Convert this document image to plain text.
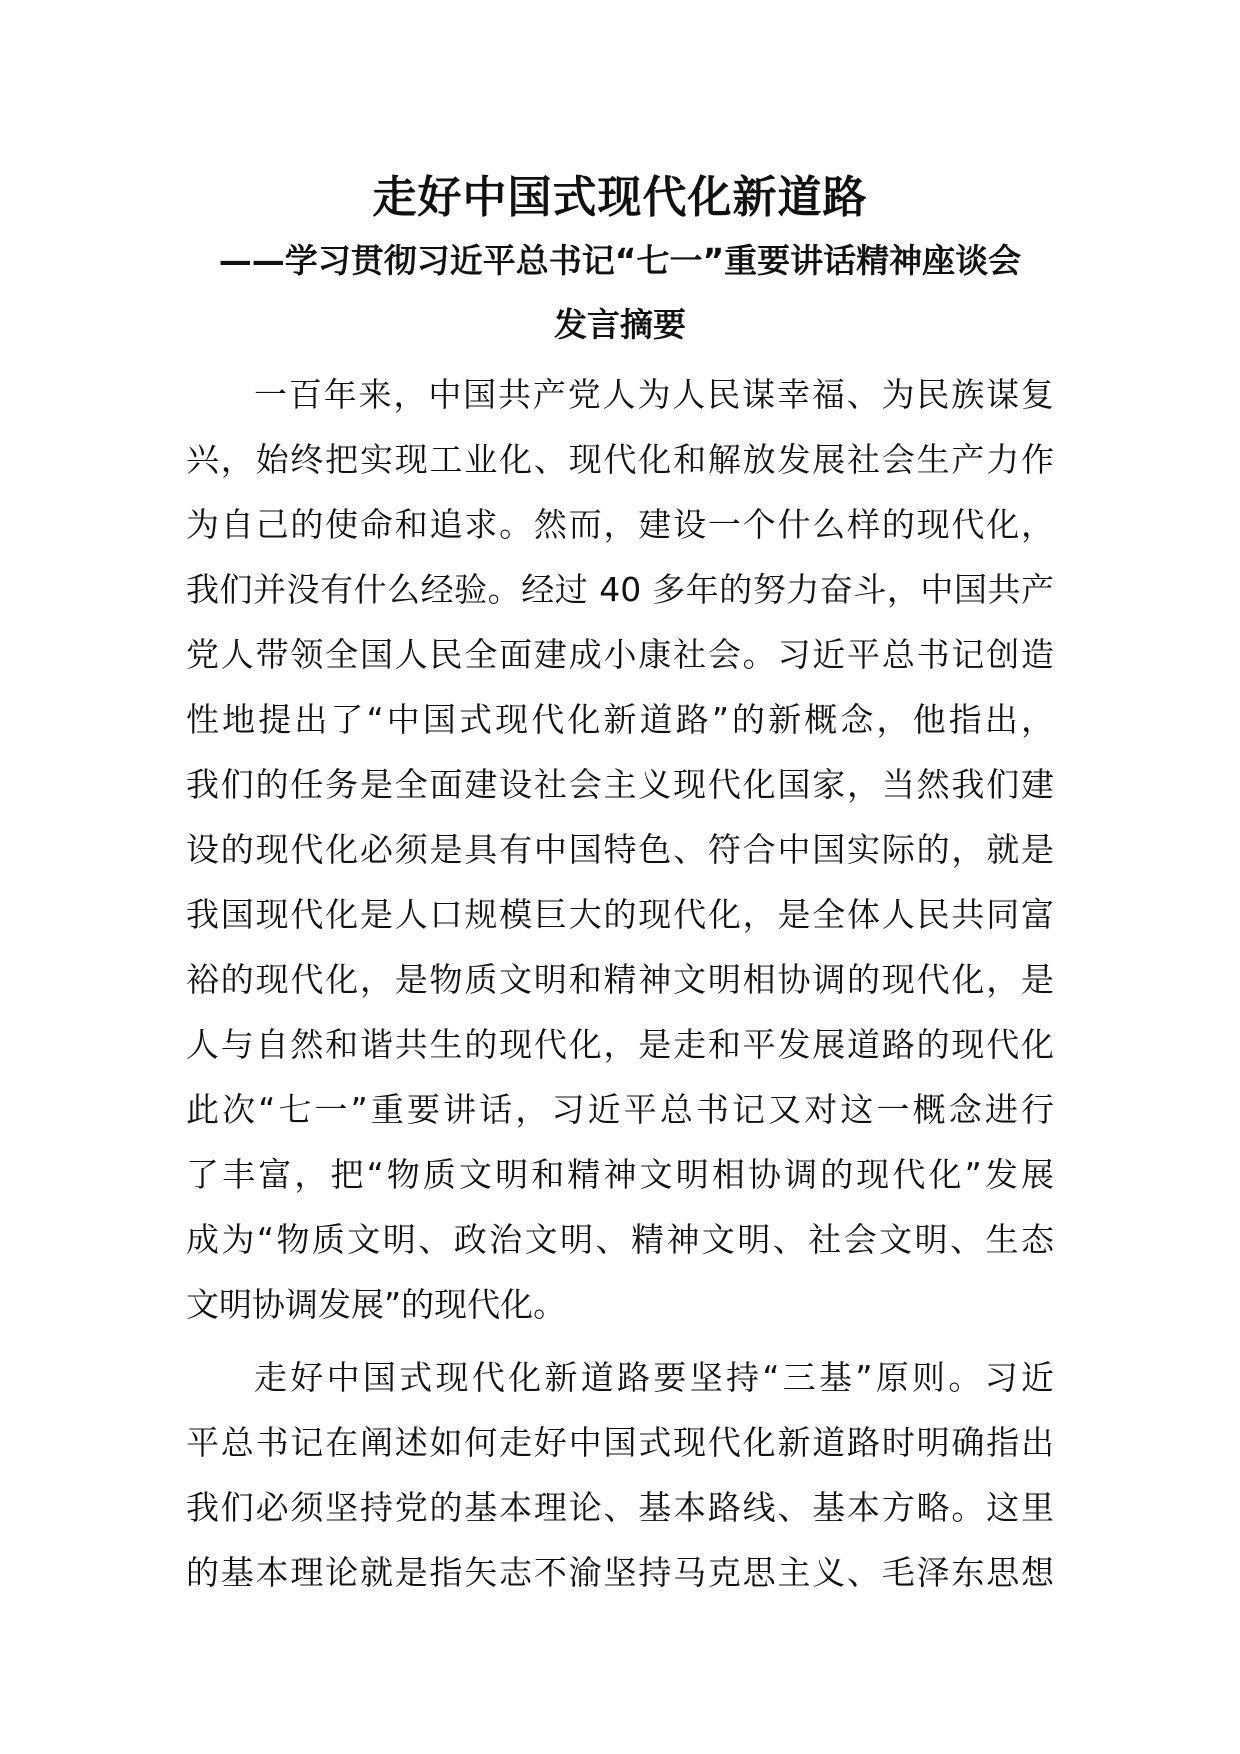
走好中国式现代化新道路
——学习贯彻习近平总书记“七一”重要讲话精神座谈会
发言摘要
一百年来，中国共产党人为人民谋幸福、为民族谋复
兴，始终把实现工业化、现代化和解放发展社会生产力作
为自己的使命和追求。然而，建设一个什么样的现代化，
我们并没有什么经验。经过 40 多年的努力奋斗，中国共产
党人带领全国人民全面建成小康社会。习近平总书记创造
性地提出了“中国式现代化新道路”的新概念，他指出，
我们的任务是全面建设社会主义现代化国家，当然我们建
设的现代化必须是具有中国特色、符合中国实际的，就是
我国现代化是人口规模巨大的现代化，是全体人民共同富
裕的现代化，是物质文明和精神文明相协调的现代化，是
人与自然和谐共生的现代化，是走和平发展道路的现代化
此次“七一”重要讲话，习近平总书记又对这一概念进行
了丰富，把“物质文明和精神文明相协调的现代化”发展
成为“物质文明、政治文明、精神文明、社会文明、生态
文明协调发展”的现代化。
走好中国式现代化新道路要坚持“三基”原则。习近
平总书记在阐述如何走好中国式现代化新道路时明确指出
我们必须坚持党的基本理论、基本路线、基本方略。这里
的基本理论就是指矢志不渝坚持马克思主义、毛泽东思想
